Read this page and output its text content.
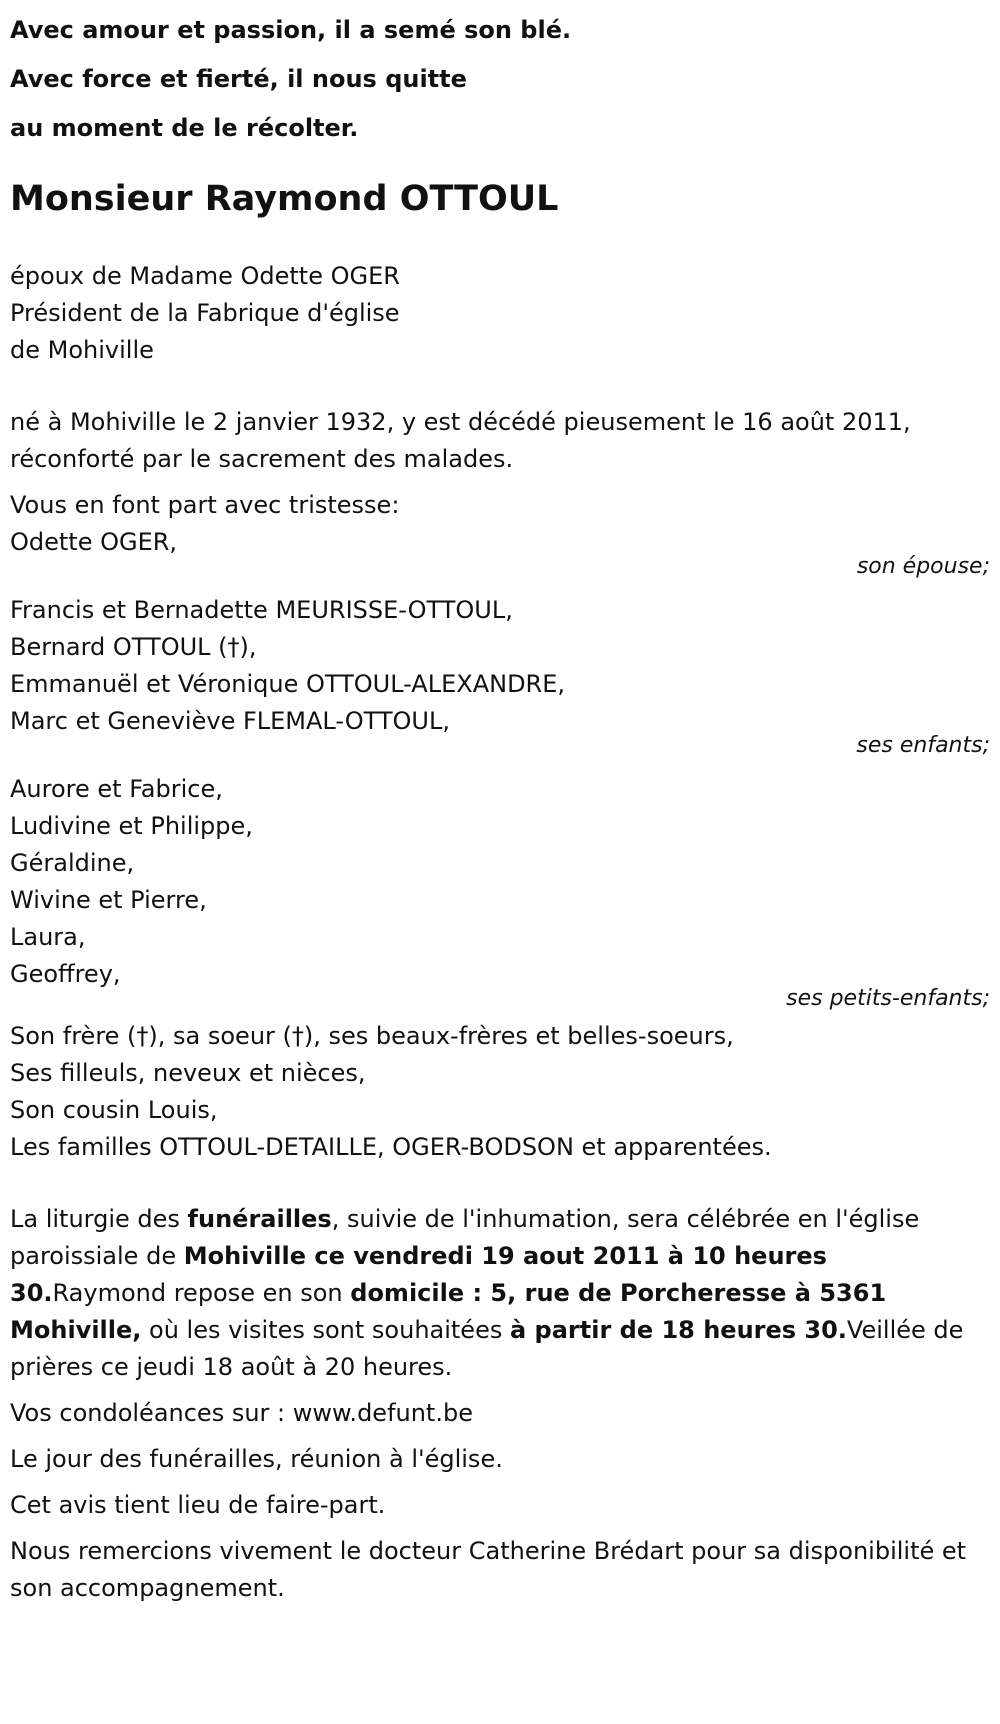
Avec amour et passion, il a semé son blé.

Avec force et fierté, il nous quitte

au moment de le récolter.

Monsieur Raymond OTTOUL
époux de Madame Odette OGER
Président de la Fabrique d'église
de Mohiville
né à Mohiville le 2 janvier 1932, y est décédé pieusement le 16 août 2011,
réconforté par le sacrement des malades.
Vous en font part avec tristesse:
Odette OGER,
son épouse;
Francis et Bernadette MEURISSE-OTTOUL,
Bernard OTTOUL (†),
Emmanuël et Véronique OTTOUL-ALEXANDRE,
Marc et Geneviève FLEMAL-OTTOUL,
ses enfants;
Aurore et Fabrice,
Ludivine et Philippe,
Géraldine,
Wivine et Pierre,
Laura,
Geoffrey,
ses petits-enfants;
Son frère (†), sa soeur (†), ses beaux-frères et belles-soeurs,
Ses filleuls, neveux et nièces,
Son cousin Louis,
Les familles OTTOUL-DETAILLE, OGER-BODSON et apparentées.

La liturgie des funérailles, suivie de l'inhumation, sera célébrée en l'église paroissiale de Mohiville ce vendredi 19 aout 2011 à 10 heures 30.Raymond repose en son domicile : 5, rue de Porcheresse à 5361 Mohiville, où les visites sont souhaitées à partir de 18 heures 30.Veillée de prières ce jeudi 18 août à 20 heures.

Vos condoléances sur : www.defunt.be

Le jour des funérailles, réunion à l'église.

Cet avis tient lieu de faire-part.

Nous remercions vivement le docteur Catherine Brédart pour sa disponibilité et son accompagnement.
